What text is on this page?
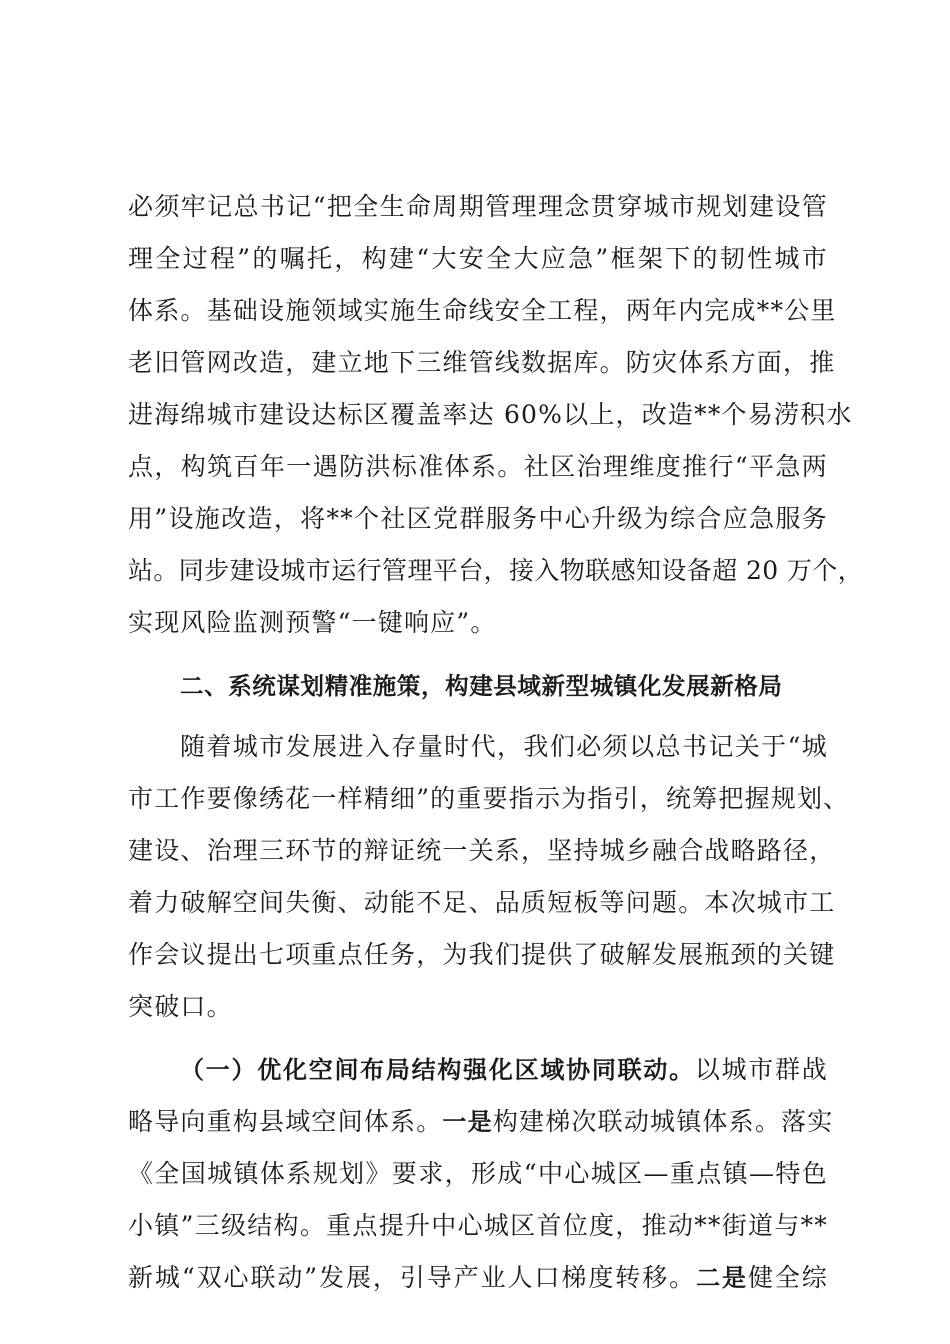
必须牢记总书记“把全生命周期管理理念贯穿城市规划建设管
理全过程”的嘱托，构建“大安全大应急”框架下的韧性城市
体系。基础设施领域实施生命线安全工程，两年内完成**公里
老旧管网改造，建立地下三维管线数据库。防灾体系方面，推
进海绵城市建设达标区覆盖率达 60%以上，改造**个易涝积水
点，构筑百年一遇防洪标准体系。社区治理维度推行“平急两
用”设施改造，将**个社区党群服务中心升级为综合应急服务
站。同步建设城市运行管理平台，接入物联感知设备超 20 万个，
实现风险监测预警“一键响应”。
二、系统谋划精准施策，构建县域新型城镇化发展新格局
随着城市发展进入存量时代，我们必须以总书记关于“城
市工作要像绣花一样精细”的重要指示为指引，统筹把握规划、
建设、治理三环节的辩证统一关系，坚持城乡融合战略路径，
着力破解空间失衡、动能不足、品质短板等问题。本次城市工
作会议提出七项重点任务，为我们提供了破解发展瓶颈的关键
突破口。
（一）优化空间布局结构强化区域协同联动。以城市群战
略导向重构县域空间体系。一是构建梯次联动城镇体系。落实
《全国城镇体系规划》要求，形成“中心城区—重点镇—特色
小镇”三级结构。重点提升中心城区首位度，推动**街道与**
新城“双心联动”发展，引导产业人口梯度转移。二是健全综
